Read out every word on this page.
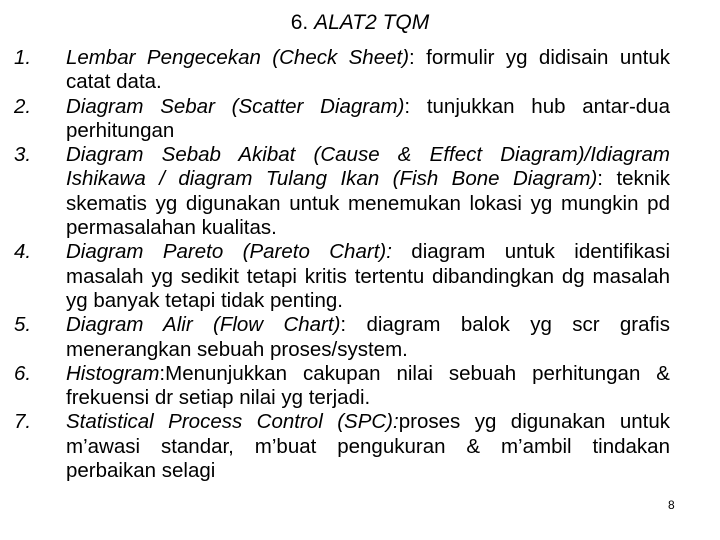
6. ALAT2 TQM
1.	Lembar Pengecekan (Check Sheet): formulir yg didisain untuk catat data.
2.	Diagram Sebar (Scatter Diagram): tunjukkan hub antar-dua perhitungan
3.	Diagram Sebab Akibat (Cause & Effect Diagram)/Idiagram Ishikawa / diagram Tulang Ikan (Fish Bone Diagram): teknik skematis yg digunakan untuk menemukan lokasi yg mungkin pd permasalahan kualitas.
4.	Diagram Pareto (Pareto Chart): diagram untuk identifikasi masalah yg sedikit tetapi kritis tertentu dibandingkan dg masalah yg banyak tetapi tidak penting.
5.	Diagram Alir (Flow Chart): diagram balok yg scr grafis menerangkan sebuah proses/system.
6.	Histogram:Menunjukkan cakupan nilai sebuah perhitungan & frekuensi dr setiap nilai yg terjadi.
7.	Statistical Process Control (SPC):proses yg digunakan untuk m’awasi standar, m’buat pengukuran & m’ambil tindakan perbaikan selagi
8
